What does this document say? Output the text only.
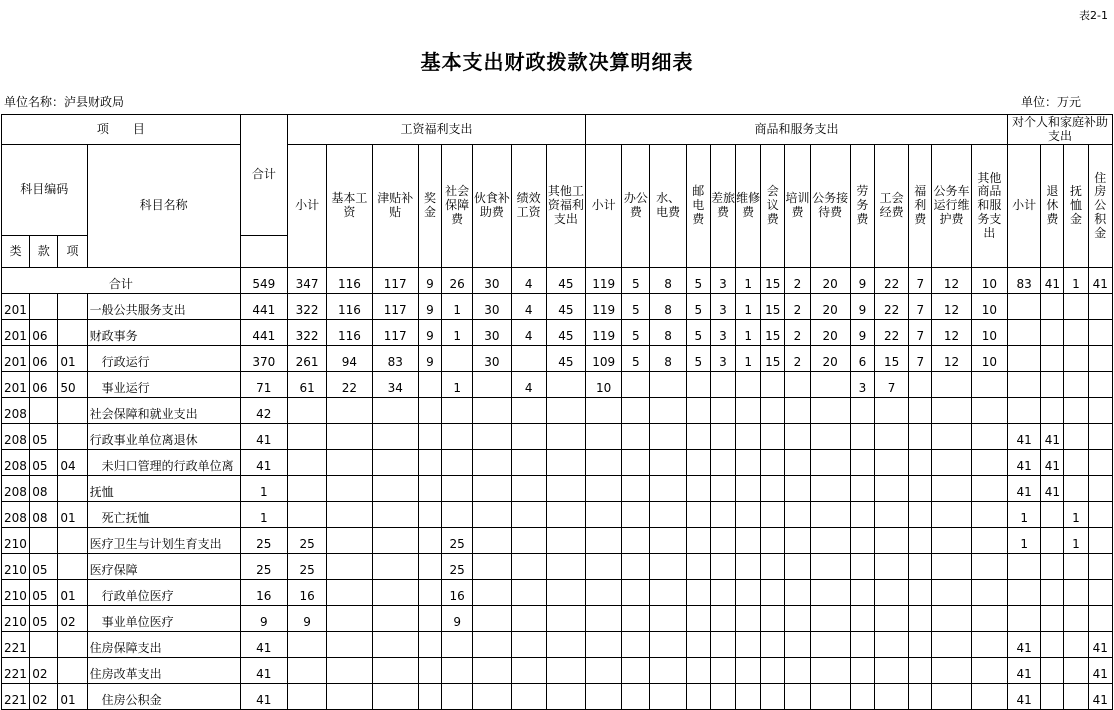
表2-1
基本支出财政拨款决算明细表
单位名称：泸县财政局	单位：万元
项　　目				合计	工资福利支出								商品和服务支出														对个人和家庭补助支出			
科目编码			科目名称		小计	基本工资	津贴补贴	奖金	社会保障费	伙食补助费	绩效工资	其他工资福利支出	小计	办公费	水、电费	邮电费	差旅费	维修费	会议费	培训费	公务接待费	劳务费	工会经费	福利费	公务车运行维护费	其他商品和服务支出	小计	退休费	抚恤金	住房公积金
类	款	项																												
合计				549	347	116	117	9	26	30	4	45	119	5	8	5	3	1	15	2	20	9	22	7	12	10	83	41	1	41
201			一般公共服务支出	441	322	116	117	9	1	30	4	45	119	5	8	5	3	1	15	2	20	9	22	7	12	10				
201	06		财政事务	441	322	116	117	9	1	30	4	45	119	5	8	5	3	1	15	2	20	9	22	7	12	10				
201	06	01	行政运行	370	261	94	83	9		30		45	109	5	8	5	3	1	15	2	20	6	15	7	12	10				
201	06	50	事业运行	71	61	22	34		1		4		10									3	7							
208			社会保障和就业支出	42																										
208	05		行政事业单位离退休	41																							41	41		
208	05	04	未归口管理的行政单位离	41																							41	41		
208	08		抚恤	1																							41	41		
208	08	01	死亡抚恤	1																							1		1	
210			医疗卫生与计划生育支出	25	25				25																		1		1	
210	05		医疗保障	25	25				25																					
210	05	01	行政单位医疗	16	16				16																					
210	05	02	事业单位医疗	9	9				9																					
221			住房保障支出	41																							41			41
221	02		住房改革支出	41																							41			41
221	02	01	住房公积金	41																							41			41
